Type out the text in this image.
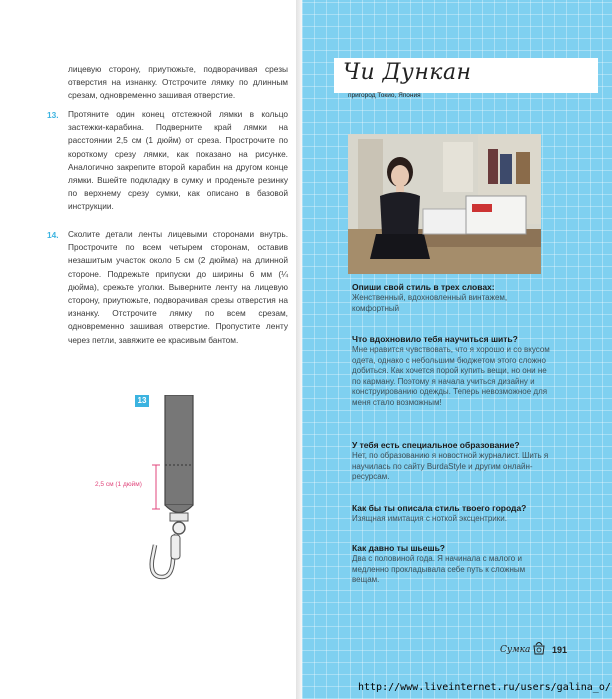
лицевую сторону, приутюжьте, подворачивая срезы отверстия на изнанку. Отстрочите лямку по длинным срезам, одновременно зашивая отверстие.
13. Протяните один конец отстежной лямки в кольцо застежки-карабина. Подверните край лямки на расстоянии 2,5 см (1 дюйм) от среза. Прострочите по короткому срезу лямки, как показано на рисунке. Аналогично закрепите второй карабин на другом конце лямки. Вшейте подкладку в сумку и проденьте резинку по верхнему срезу сумки, как описано в базовой инструкции.
14. Сколите детали ленты лицевыми сторонами внутрь. Прострочите по всем четырем сторонам, оставив незашитым участок около 5 см (2 дюйма) на длинной стороне. Подрежьте припуски до ширины 6 мм (¼ дюйма), срежьте уголки. Выверните ленту на лицевую сторону, приутюжьте, подворачивая срезы отверстия на изнанку. Отстрочите лямку по всем срезам, одновременно зашивая отверстие. Пропустите ленту через петли, завяжите ее красивым бантом.
13
2,5 см (1 дюйм)
Чи Дункан
пригород Токио, Япония
Опиши свой стиль в трех словах:
Женственный, вдохновленный винтажем, комфортный
Что вдохновило тебя научиться шить?
Мне нравится чувствовать, что я хорошо и со вкусом одета, однако с небольшим бюджетом этого сложно добиться. Как хочется порой купить вещи, но они не по карману. Поэтому я начала учиться дизайну и конструированию одежды. Теперь невозможное для меня стало возможным!
У тебя есть специальное образование?
Нет, по образованию я новостной журналист. Шить я научилась по сайту BurdaStyle и другим онлайн-ресурсам.
Как бы ты описала стиль твоего города?
Изящная имитация с ноткой эксцентрики.
Как давно ты шьешь?
Два с половиной года. Я начинала с малого и медленно прокладывала себе путь к сложным вещам.
Сумка 191
http://www.liveinternet.ru/users/galina_o/
